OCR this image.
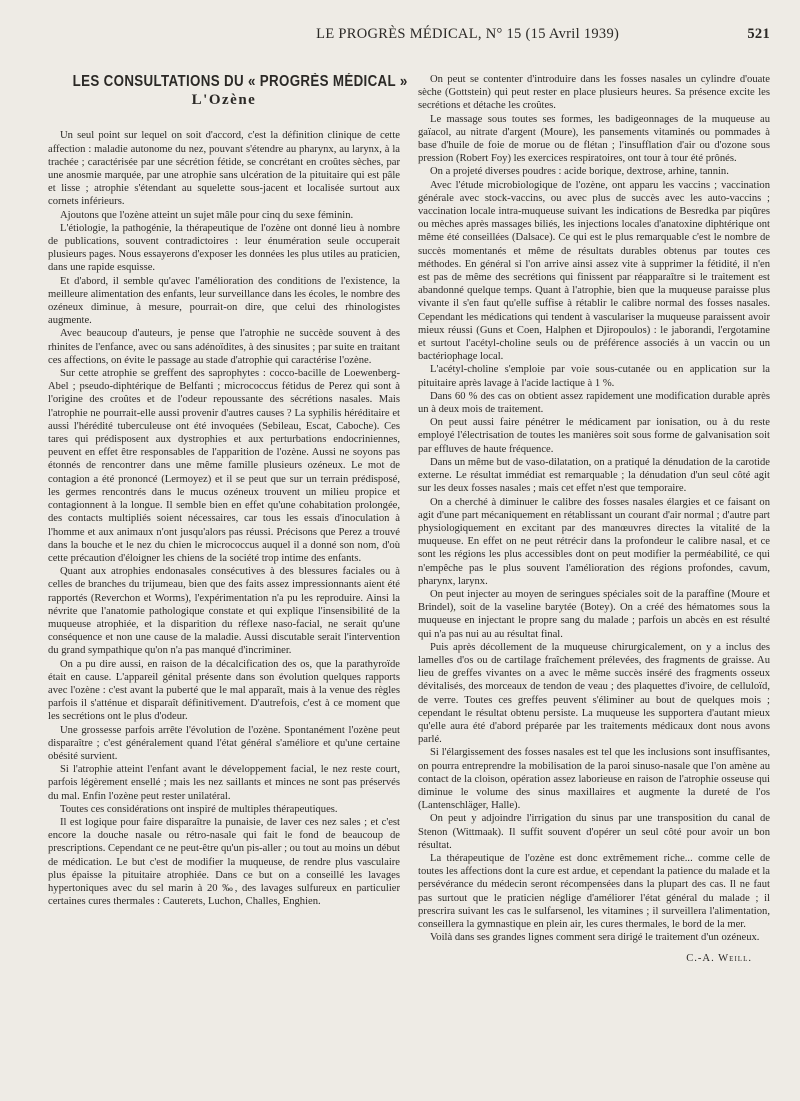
LE PROGRÈS MÉDICAL, N° 15 (15 Avril 1939)	521
LES CONSULTATIONS DU « PROGRÈS MÉDICAL »
L'Ozène

Un seul point sur lequel on soit d'accord, c'est la définition clinique de cette affection : maladie autonome du nez, pouvant s'étendre au pharynx, au larynx, à la trachée ; caractérisée par une sécrétion fétide, se concrétant en croûtes sèches, par une anosmie marquée, par une atrophie sans ulcération de la pituitaire qui est pâle et lisse ; atrophie s'étendant au squelette sous-jacent et localisée surtout aux cornets inférieurs.

Ajoutons que l'ozène atteint un sujet mâle pour cinq du sexe féminin.

L'étiologie, la pathogénie, la thérapeutique de l'ozène ont donné lieu à nombre de publications, souvent contradictoires : leur énumération seule occuperait plusieurs pages. Nous essayerons d'exposer les données les plus utiles au praticien, dans une rapide esquisse.

Et d'abord, il semble qu'avec l'amélioration des conditions de l'existence, la meilleure alimentation des enfants, leur surveillance dans les écoles, le nombre des ozéneux diminue, à mesure, pourrait-on dire, que celui des rhinologistes augmente.

Avec beaucoup d'auteurs, je pense que l'atrophie ne succède souvent à des rhinites de l'enfance, avec ou sans adénoïdites, à des sinusites ; par suite en traitant ces affections, on évite le passage au stade d'atrophie qui caractérise l'ozène.

Sur cette atrophie se greffent des saprophytes : cocco-bacille de Loewenberg-Abel ; pseudo-diphtérique de Belfanti ; micrococcus fétidus de Perez qui sont à l'origine des croûtes et de l'odeur repoussante des sécrétions nasales. Mais l'atrophie ne pourrait-elle aussi provenir d'autres causes ? La syphilis héréditaire et aussi l'hérédité tuberculeuse ont été invoquées (Sebileau, Escat, Caboche). Ces tares qui prédisposent aux dystrophies et aux perturbations endocriniennes, peuvent en effet être responsables de l'apparition de l'ozène. Aussi ne soyons pas étonnés de rencontrer dans une même famille plusieurs ozéneux. Le mot de contagion a été prononcé (Lermoyez) et il se peut que sur un terrain prédisposé, les germes rencontrés dans le mucus ozéneux trouvent un milieu propice et contagionnent à la longue. Il semble bien en effet qu'une cohabitation prolongée, des contacts multipliés soient nécessaires, car tous les essais d'inoculation à l'homme et aux animaux n'ont jusqu'alors pas réussi. Précisons que Perez a trouvé dans la bouche et le nez du chien le micrococcus auquel il a donné son nom, d'où cette précaution d'éloigner les chiens de la société trop intime des enfants.

Quant aux atrophies endonasales consécutives à des blessures faciales ou à celles de branches du trijumeau, bien que des faits assez impressionnants aient été rapportés (Reverchon et Worms), l'expérimentation n'a pu les reproduire. Ainsi la névrite que l'anatomie pathologique constate et qui explique l'insensibilité de la muqueuse atrophiée, et la disparition du réflexe naso-facial, ne serait qu'une conséquence et non une cause de la maladie. Aussi discutable serait l'intervention du grand sympathique qu'on n'a pas manqué d'incriminer.

On a pu dire aussi, en raison de la décalcification des os, que la parathyroïde était en cause. L'appareil génital présente dans son évolution quelques rapports avec l'ozène : c'est avant la puberté que le mal apparaît, mais à la venue des règles parfois il s'atténue et disparaît définitivement. D'autrefois, c'est à ce moment que les secrétions ont le plus d'odeur.

Une grossesse parfois arrête l'évolution de l'ozène. Spontanément l'ozène peut disparaître ; c'est généralement quand l'état général s'améliore et qu'une certaine obésité survient.

Si l'atrophie atteint l'enfant avant le développement facial, le nez reste court, parfois légèrement ensellé ; mais les nez saillants et minces ne sont pas préservés du mal. Enfin l'ozène peut rester unilatéral.

Toutes ces considérations ont inspiré de multiples thérapeutiques.

Il est logique pour faire disparaître la punaisie, de laver ces nez sales ; et c'est encore la douche nasale ou rétro-nasale qui fait le fond de beaucoup de prescriptions. Cependant ce ne peut-être qu'un pis-aller ; ou tout au moins un début de médication. Le but c'est de modifier la muqueuse, de rendre plus vasculaire plus épaisse la pituitaire atrophiée. Dans ce but on a conseillé les lavages hypertoniques avec du sel marin à 20 ‰, des lavages sulfureux en particulier certaines cures thermales : Cauterets, Luchon, Challes, Enghien.

On peut se contenter d'introduire dans les fosses nasales un cylindre d'ouate sèche (Gottstein) qui peut rester en place plusieurs heures. Sa présence excite les secrétions et détache les croûtes.

Le massage sous toutes ses formes, les badigeonnages de la muqueuse au gaïacol, au nitrate d'argent (Moure), les pansements vitaminés ou pommades à base d'huile de foie de morue ou de flétan ; l'insufflation d'air ou d'ozone sous pression (Robert Foy) les exercices respiratoires, ont tour à tour été prônés.

On a projeté diverses poudres : acide borique, dextrose, arhine, tannin.

Avec l'étude microbiologique de l'ozène, ont apparu les vaccins ; vaccination générale avec stock-vaccins, ou avec plus de succès avec les auto-vaccins ; vaccination locale intra-muqueuse suivant les indications de Besredka par piqûres ou mèches après massages biliés, les injections locales d'anatoxine diphtérique ont même été conseillées (Dalsace). Ce qui est le plus remarquable c'est le nombre de succès momentanés et même de résultats durables obtenus par toutes ces méthodes. En général si l'on arrive ainsi assez vite à supprimer la fétidité, il n'en est pas de même des secrétions qui finissent par réapparaître si le traitement est abandonné quelque temps. Quant à l'atrophie, bien que la muqueuse paraisse plus vivante il s'en faut qu'elle suffise à rétablir le calibre normal des fosses nasales. Cependant les médications qui tendent à vasculariser la muqueuse paraissent avoir mieux réussi (Guns et Coen, Halphen et Djiropoulos) : le jaborandi, l'ergotamine et surtout l'acétyl-choline seuls ou de préférence associés à un vaccin ou un bactériophage local.

L'acétyl-choline s'emploie par voie sous-cutanée ou en application sur la pituitaire après lavage à l'acide lactique à 1 %.

Dans 60 % des cas on obtient assez rapidement une modification durable après un à deux mois de traitement.

On peut aussi faire pénétrer le médicament par ionisation, ou à du reste employé l'électrisation de toutes les manières soit sous forme de galvanisation soit par effluves de haute fréquence.

Dans un même but de vaso-dilatation, on a pratiqué la dénudation de la carotide externe. Le résultat immédiat est remarquable ; la dénudation d'un seul côté agit sur les deux fosses nasales ; mais cet effet n'est que temporaire.

On a cherché à diminuer le calibre des fosses nasales élargies et ce faisant on agit d'une part mécaniquement en rétablissant un courant d'air normal ; d'autre part physiologiquement en excitant par des manœuvres directes la vitalité de la muqueuse. En effet on ne peut rétrécir dans la profondeur le calibre nasal, et ce sont les régions les plus accessibles dont on peut modifier la perméabilité, ce qui n'empêche pas le plus souvent l'amélioration des régions profondes, cavum, pharynx, larynx.

On peut injecter au moyen de seringues spéciales soit de la paraffine (Moure et Brindel), soit de la vaseline barytée (Botey). On a créé des hématomes sous la muqueuse en injectant le propre sang du malade ; parfois un abcès en est résulté qui n'a pas nui au au résultat final.

Puis après décollement de la muqueuse chirurgicalement, on y a inclus des lamelles d'os ou de cartilage fraîchement prélevées, des fragments de graisse. Au lieu de greffes vivantes on a avec le même succès inséré des fragments osseux dévitalisés, des morceaux de tendon de veau ; des plaquettes d'ivoire, de celluloïd, de verre. Toutes ces greffes peuvent s'éliminer au bout de quelques mois ; cependant le résultat obtenu persiste. La muqueuse les supportera d'autant mieux qu'elle aura été d'abord préparée par les traitements médicaux dont nous avons parlé.

Si l'élargissement des fosses nasales est tel que les inclusions sont insuffisantes, on pourra entreprendre la mobilisation de la paroi sinuso-nasale que l'on amène au contact de la cloison, opération assez laborieuse en raison de l'atrophie osseuse qui diminue le volume des sinus maxillaires et augmente la dureté de l'os (Lantenschläger, Halle).

On peut y adjoindre l'irrigation du sinus par une transposition du canal de Stenon (Wittmaak). Il suffit souvent d'opérer un seul côté pour avoir un bon résultat.

La thérapeutique de l'ozène est donc extrêmement riche... comme celle de toutes les affections dont la cure est ardue, et cependant la patience du malade et la persévérance du médecin seront récompensées dans la plupart des cas. Il ne faut pas surtout que le praticien néglige d'améliorer l'état général du malade ; il prescrira suivant les cas le sulfarsenol, les vitamines ; il surveillera l'alimentation, conseillera la gymnastique en plein air, les cures thermales, le bord de la mer.

Voilà dans ses grandes lignes comment sera dirigé le traitement d'un ozéneux.

C.-A. Weill.
